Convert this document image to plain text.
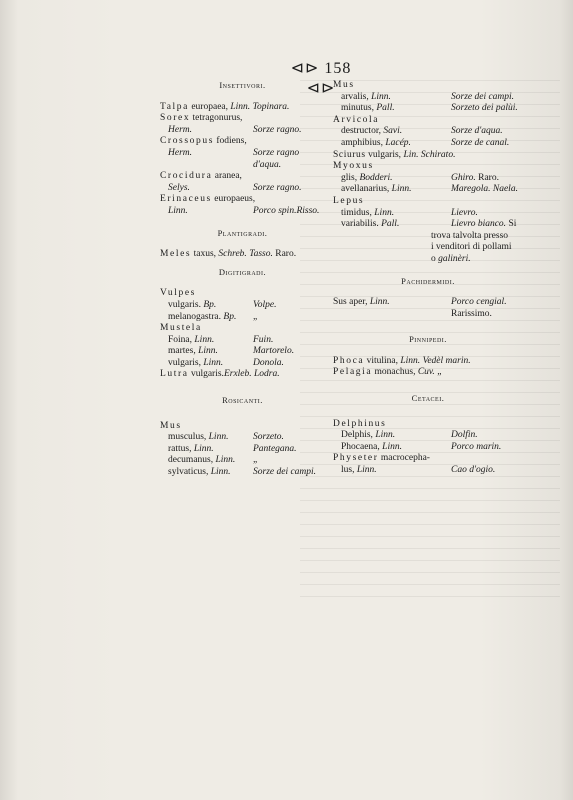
⊲⊳ 158 ⊲⊳

Insettivori.

Talpa europaea, Linn. Topinara.

Sorex tetragonurus,

Herm.	Sorze ragno.

Crossopus fodiens,

Herm.	Sorze ragno
d'aqua.

Crocidura aranea,

Selys.	Sorze ragno.

Erinaceus europaeus,

Linn.	Porco spin.Risso.

Plantigradi.

Meles taxus, Schreb. Tasso. Raro.

Digitigradi.

Vulpes

vulgaris. Bp.	Volpe.
melanogastra. Bp. „

Mustela

Foina, Linn.	Fuin.
martes, Linn.	Martorelo.
vulgaris, Linn.	Donola.

Lutra vulgaris.Erxleb. Lodra.

Rosicanti.

Mus

musculus, Linn.	Sorzeto.
rattus, Linn.	Pantegana.
decumanus, Linn. „
sylvaticus, Linn. Sorze dei campi.

Mus

arvalis, Linn.	Sorze dei campi.
minutus, Pall.	Sorzeto dei palùi.

Arvicola

destructor, Savi.	Sorze d'aqua.
amphibius, Lacép.	Sorze de canal.

Sciurus vulgaris, Lin. Schirato.

Myoxus

glis, Bodderi.	Ghiro. Raro.
avellanarius, Linn.	Maregola. Naela.

Lepus

timidus, Linn.	Lievro.
variabilis. Pall.	Lievro bianco. Si

trova talvolta presso

i venditori di pollami

o galinèri.

Pachidermidi.

Sus aper, Linn.	Porco cengial.
Rarissimo.

Pinnipedi.

Phoca vitulina, Linn. Vedèl marin.

Pelagia monachus, Cuv. „

Cetacei.

Delphinus

Delphis, Linn.	Dolfin.
Phocaena, Linn.	Porco marin.

Physeter macrocepha-

lus, Linn.	Cao d'ogio.
